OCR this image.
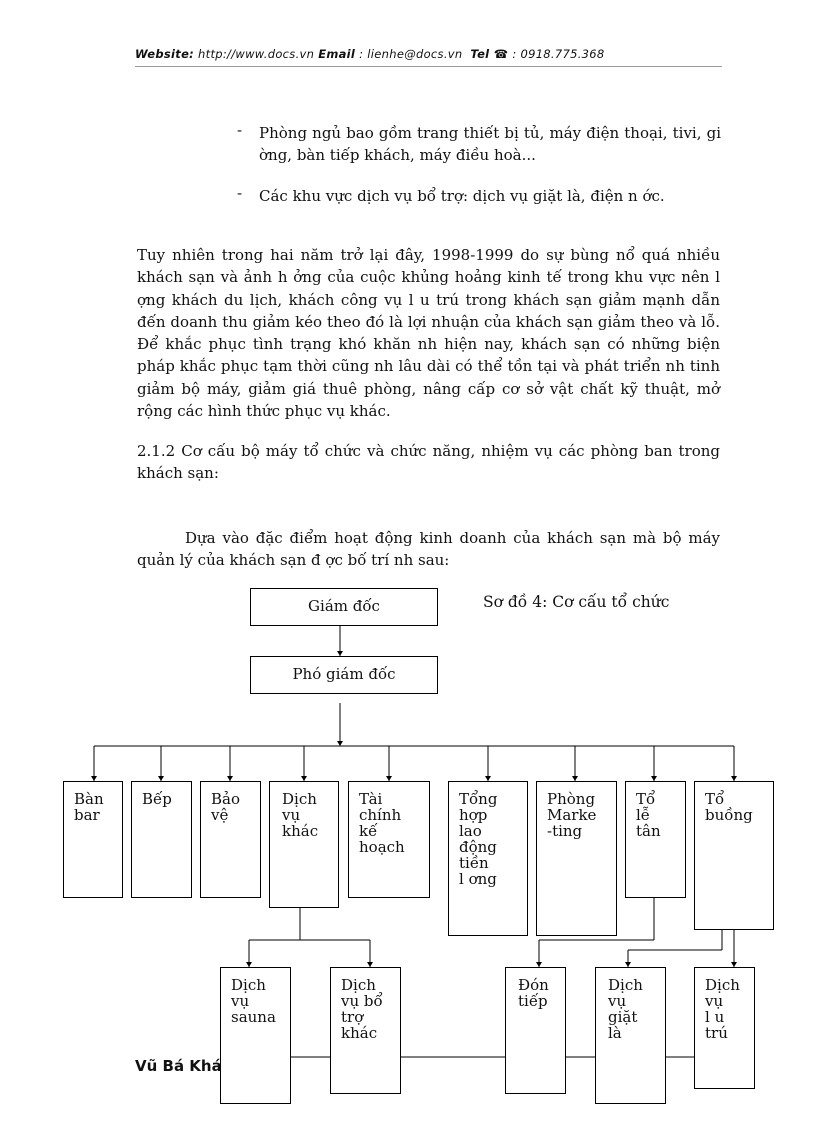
Website: http://www.docs.vn Email : lienhe@docs.vn Tel ☎ : 0918.775.368
- Phòng ngủ bao gồm trang thiết bị tủ, máy điện thoại, tivi, gi ờng, bàn tiếp khách, máy điều hoà...
- Các khu vực dịch vụ bổ trợ: dịch vụ giặt là, điện n ớc.
Tuy nhiên trong hai năm trở lại đây, 1998-1999 do sự bùng nổ quá nhiều khách sạn và ảnh h ởng của cuộc khủng hoảng kinh tế trong khu vực nên l ợng khách du lịch, khách công vụ l u trú trong khách sạn giảm mạnh dẫn đến doanh thu giảm kéo theo đó là lợi nhuận của khách sạn giảm theo và lỗ. Để khắc phục tình trạng khó khăn nh hiện nay, khách sạn có những biện pháp khắc phục tạm thời cũng nh lâu dài có thể tồn tại và phát triển nh tinh giảm bộ máy, giảm giá thuê phòng, nâng cấp cơ sở vật chất kỹ thuật, mở rộng các hình thức phục vụ khác.
2.1.2 Cơ cấu bộ máy tổ chức và chức năng, nhiệm vụ các phòng ban trong khách sạn:
Dựa vào đặc điểm hoạt động kinh doanh của khách sạn mà bộ máy quản lý của khách sạn đ ợc bố trí nh sau:
Giám đốc	Sơ đồ 4: Cơ cấu tổ chức
Phó giám đốc
Bàn
bar
Bếp	Bảo
vệ
Dịch
vụ
khác
Tài
chính
kế
hoạch
Tổng
hợp
lao
động
tiền
l ơng
Phòng
Marke
-ting
Tổ
lễ
tân
Tổ
buồng
Dịch
vụ
sauna
Dịch
vụ bổ
trợ
khác
Đón
tiếp
Dịch
vụ
giặt
là
Dịch
vụ
l u
trú
Vũ Bá Khá
